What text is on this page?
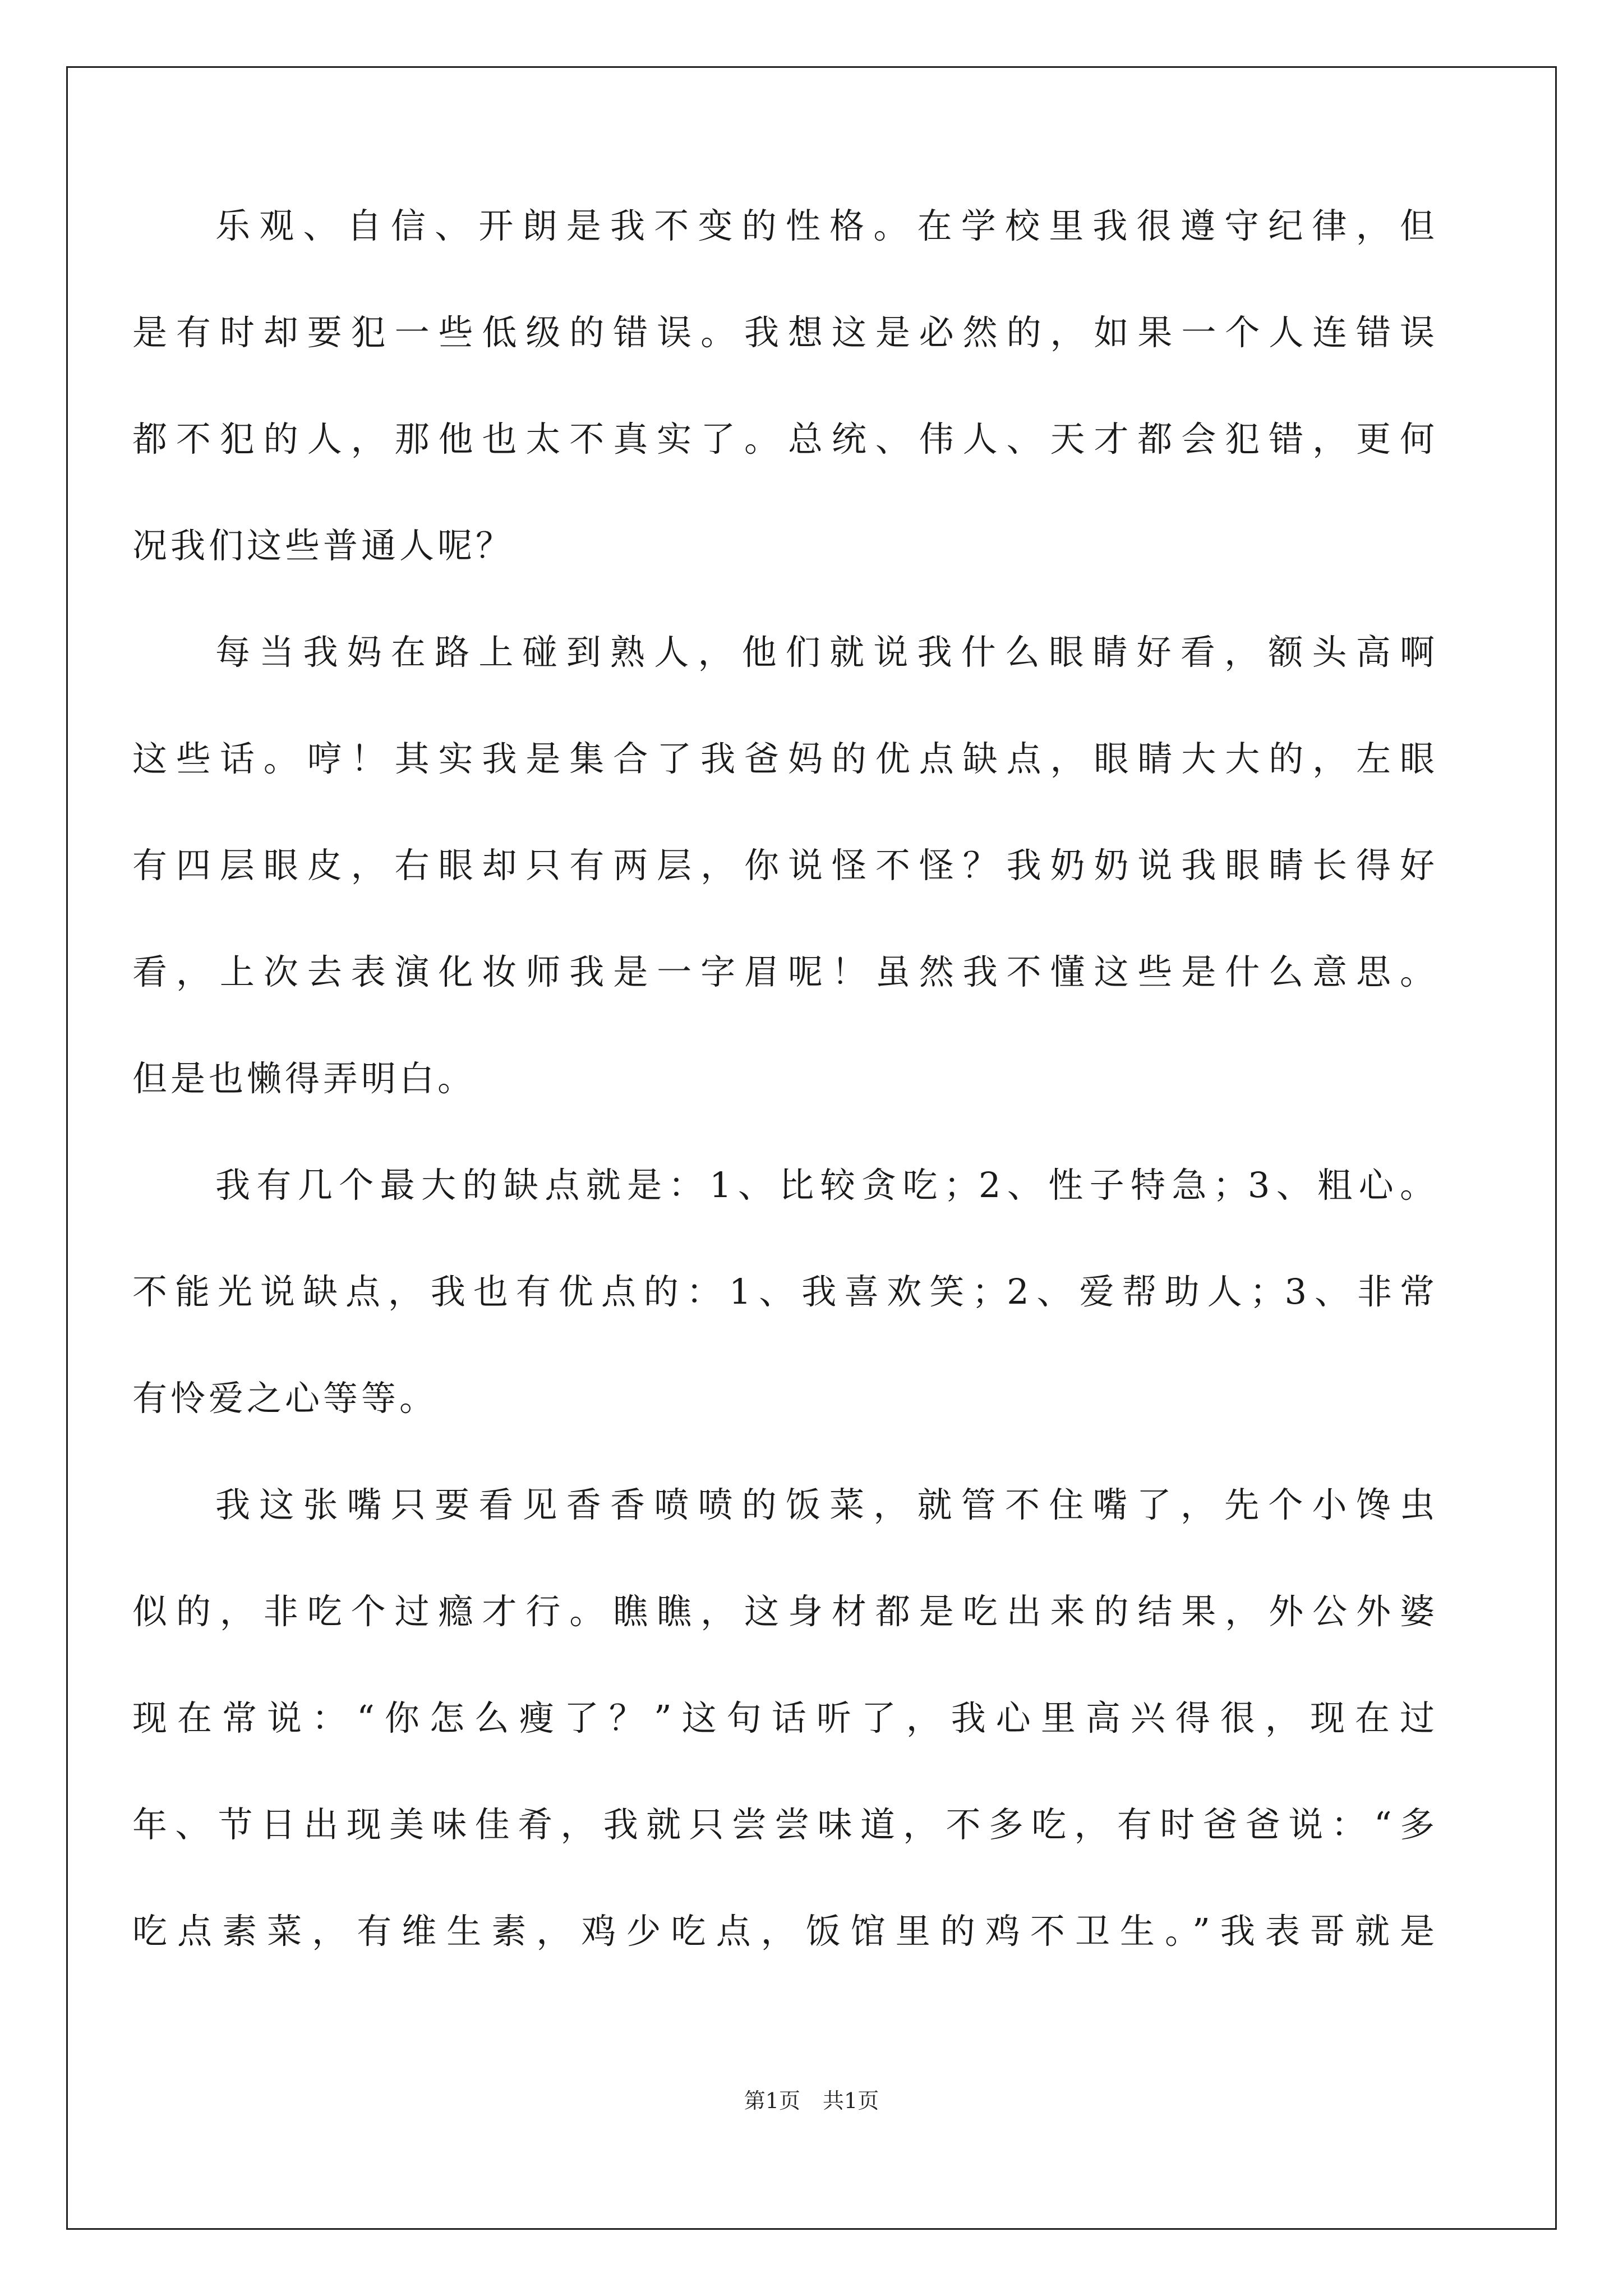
乐观、自信、开朗是我不变的性格。在学校里我很遵守纪律，但
是有时却要犯一些低级的错误。我想这是必然的，如果一个人连错误
都不犯的人，那他也太不真实了。总统、伟人、天才都会犯错，更何
况我们这些普通人呢？
每当我妈在路上碰到熟人，他们就说我什么眼睛好看，额头高啊
这些话。哼！其实我是集合了我爸妈的优点缺点，眼睛大大的，左眼
有四层眼皮，右眼却只有两层，你说怪不怪？我奶奶说我眼睛长得好
看，上次去表演化妆师我是一字眉呢！虽然我不懂这些是什么意思。
但是也懒得弄明白。
我有几个最大的缺点就是：1、比较贪吃；2、性子特急；3、粗心。
不能光说缺点，我也有优点的：1、我喜欢笑；2、爱帮助人；3、非常
有怜爱之心等等。
我这张嘴只要看见香香喷喷的饭菜，就管不住嘴了，先个小馋虫
似的，非吃个过瘾才行。瞧瞧，这身材都是吃出来的结果，外公外婆
现在常说：“你怎么瘦了？”这句话听了，我心里高兴得很，现在过
年、节日出现美味佳肴，我就只尝尝味道，不多吃，有时爸爸说：“多
吃点素菜，有维生素，鸡少吃点，饭馆里的鸡不卫生。”我表哥就是
第1页 共1页
